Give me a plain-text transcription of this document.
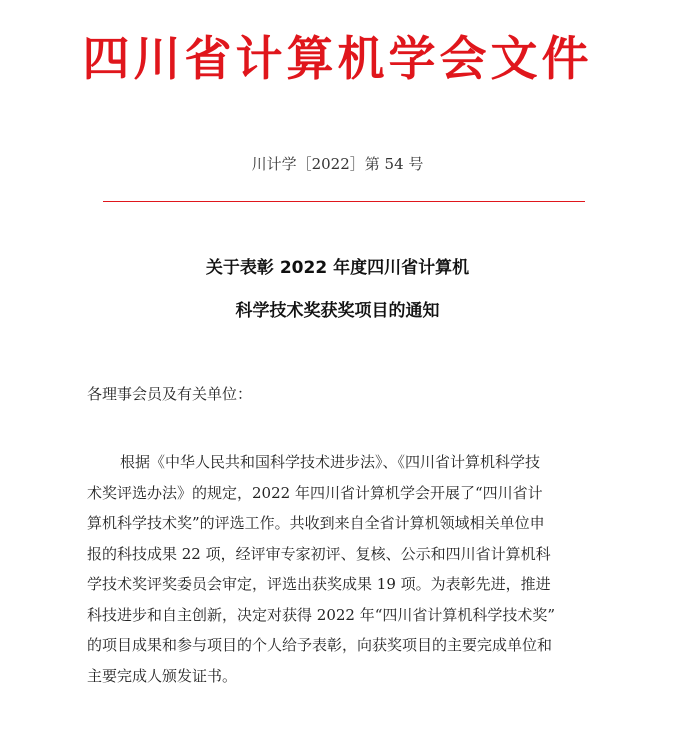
四川省计算机学会文件
川计学［2022］第 54 号
关于表彰 2022 年度四川省计算机
科学技术奖获奖项目的通知
各理事会员及有关单位：
根据《中华人民共和国科学技术进步法》、《四川省计算机科学技
术奖评选办法》的规定，2022 年四川省计算机学会开展了“四川省计
算机科学技术奖”的评选工作。共收到来自全省计算机领域相关单位申
报的科技成果 22 项，经评审专家初评、复核、公示和四川省计算机科
学技术奖评奖委员会审定，评选出获奖成果 19 项。为表彰先进，推进
科技进步和自主创新，决定对获得 2022 年“四川省计算机科学技术奖”
的项目成果和参与项目的个人给予表彰，向获奖项目的主要完成单位和
主要完成人颁发证书。
